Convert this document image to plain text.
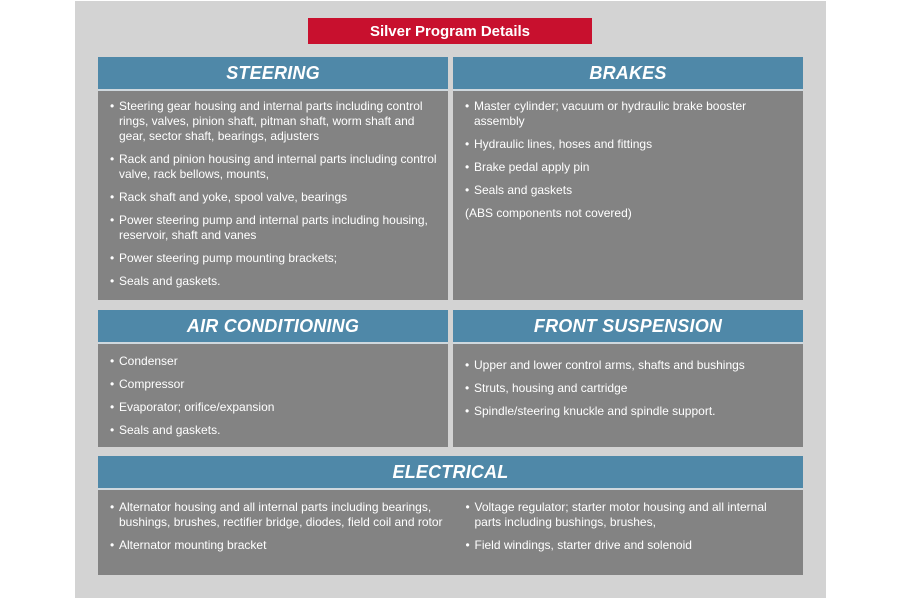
Silver Program Details
STEERING
• Steering gear housing and internal parts including control rings, valves, pinion shaft, pitman shaft, worm shaft and gear, sector shaft, bearings, adjusters
• Rack and pinion housing and internal parts including control valve, rack bellows, mounts,
• Rack shaft and yoke, spool valve, bearings
• Power steering pump and internal parts including housing, reservoir, shaft and vanes
• Power steering pump mounting brackets;
• Seals and gaskets.
BRAKES
• Master cylinder; vacuum or hydraulic brake booster assembly
• Hydraulic lines, hoses and fittings
• Brake pedal apply pin
• Seals and gaskets

(ABS components not covered)

AIR CONDITIONING
• Condenser
• Compressor
• Evaporator; orifice/expansion
• Seals and gaskets.
FRONT SUSPENSION
• Upper and lower control arms, shafts and bushings
• Struts, housing and cartridge
• Spindle/steering knuckle and spindle support.
ELECTRICAL
• Alternator housing and all internal parts including bearings, bushings, brushes, rectifier bridge, diodes, field coil and rotor
• Alternator mounting bracket
• Voltage regulator; starter motor housing and all internal parts including bushings, brushes,
• Field windings, starter drive and solenoid
